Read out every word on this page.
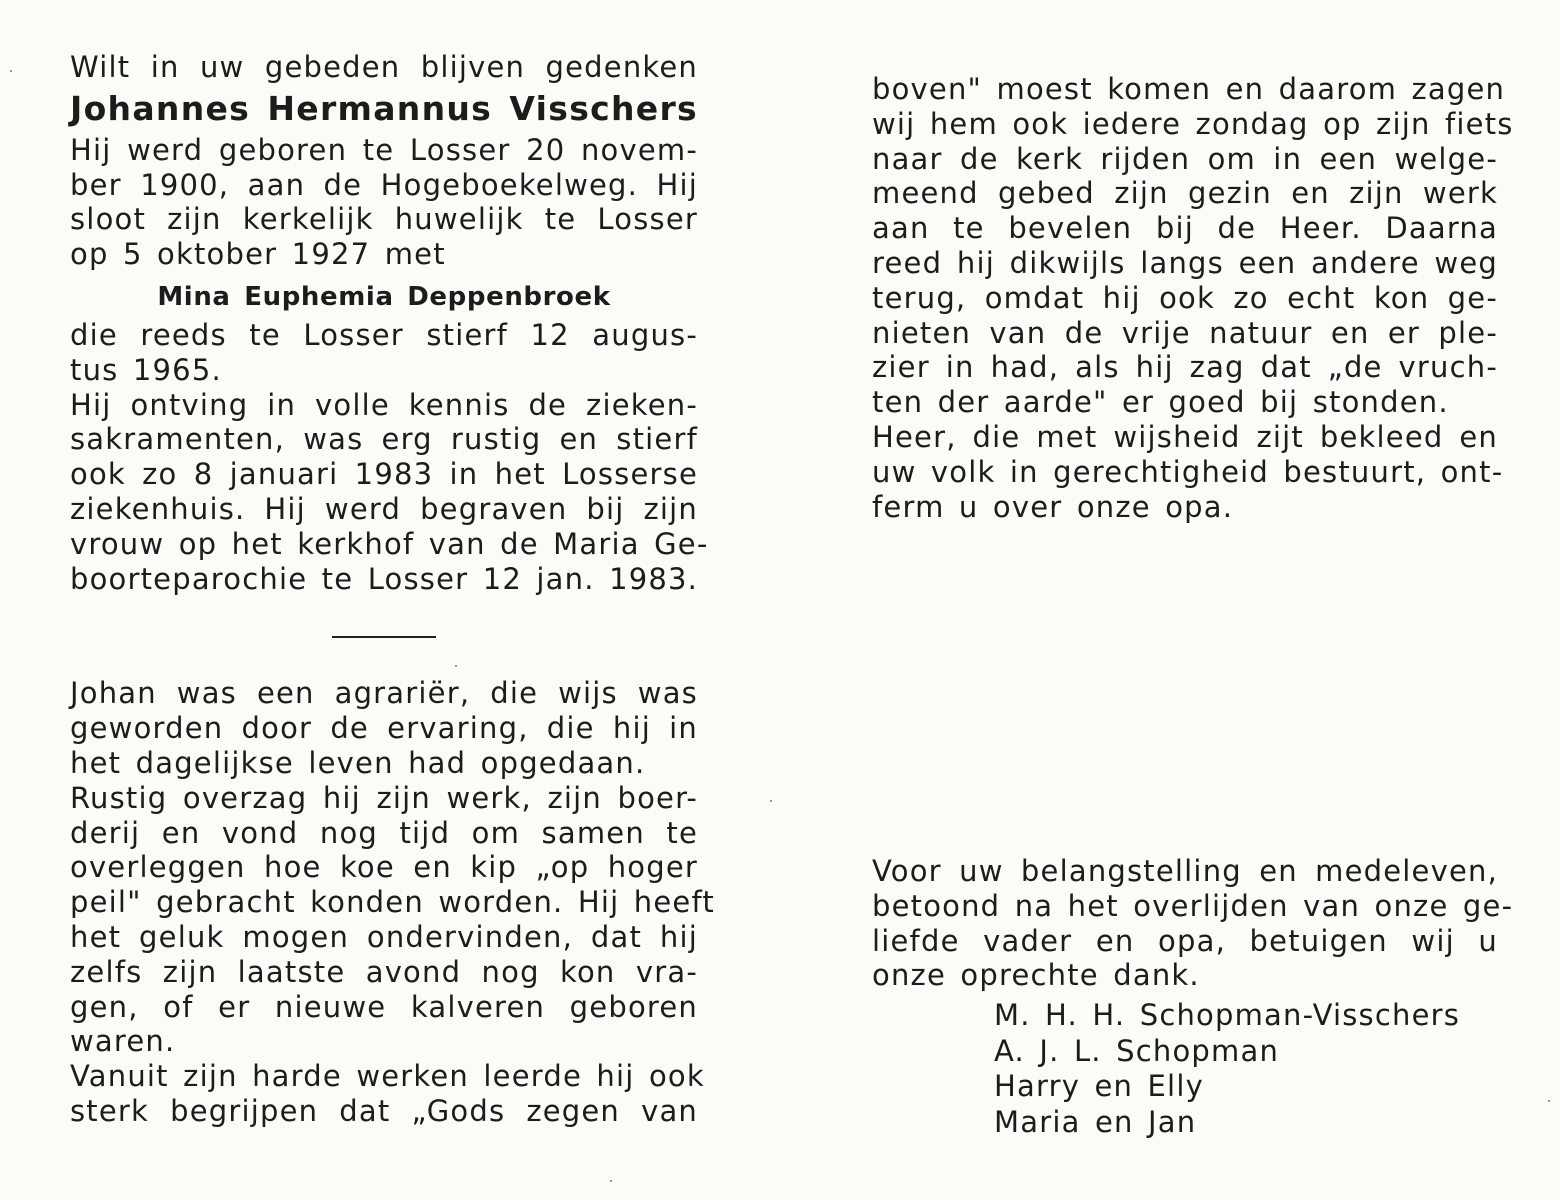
Wilt in uw gebeden blijven gedenken
Johannes Hermannus Visschers
Hij werd geboren te Losser 20 novem-
ber 1900, aan de Hogeboekelweg. Hij
sloot zijn kerkelijk huwelijk te Losser
op 5 oktober 1927 met
Mina Euphemia Deppenbroek
die reeds te Losser stierf 12 augus-
tus 1965.
Hij ontving in volle kennis de zieken-
sakramenten, was erg rustig en stierf
ook zo 8 januari 1983 in het Losserse
ziekenhuis. Hij werd begraven bij zijn
vrouw op het kerkhof van de Maria Ge-
boorteparochie te Losser 12 jan. 1983.
Johan was een agrariër, die wijs was
geworden door de ervaring, die hij in
het dagelijkse leven had opgedaan.
Rustig overzag hij zijn werk, zijn boer-
derij en vond nog tijd om samen te
overleggen hoe koe en kip „op hoger
peil" gebracht konden worden. Hij heeft
het geluk mogen ondervinden, dat hij
zelfs zijn laatste avond nog kon vra-
gen, of er nieuwe kalveren geboren
waren.
Vanuit zijn harde werken leerde hij ook
sterk begrijpen dat „Gods zegen van
boven" moest komen en daarom zagen
wij hem ook iedere zondag op zijn fiets
naar de kerk rijden om in een welge-
meend gebed zijn gezin en zijn werk
aan te bevelen bij de Heer. Daarna
reed hij dikwijls langs een andere weg
terug, omdat hij ook zo echt kon ge-
nieten van de vrije natuur en er ple-
zier in had, als hij zag dat „de vruch-
ten der aarde" er goed bij stonden.
Heer, die met wijsheid zijt bekleed en
uw volk in gerechtigheid bestuurt, ont-
ferm u over onze opa.
Voor uw belangstelling en medeleven,
betoond na het overlijden van onze ge-
liefde vader en opa, betuigen wij u
onze oprechte dank.
M. H. H. Schopman-Visschers
A. J. L. Schopman
Harry en Elly
Maria en Jan
